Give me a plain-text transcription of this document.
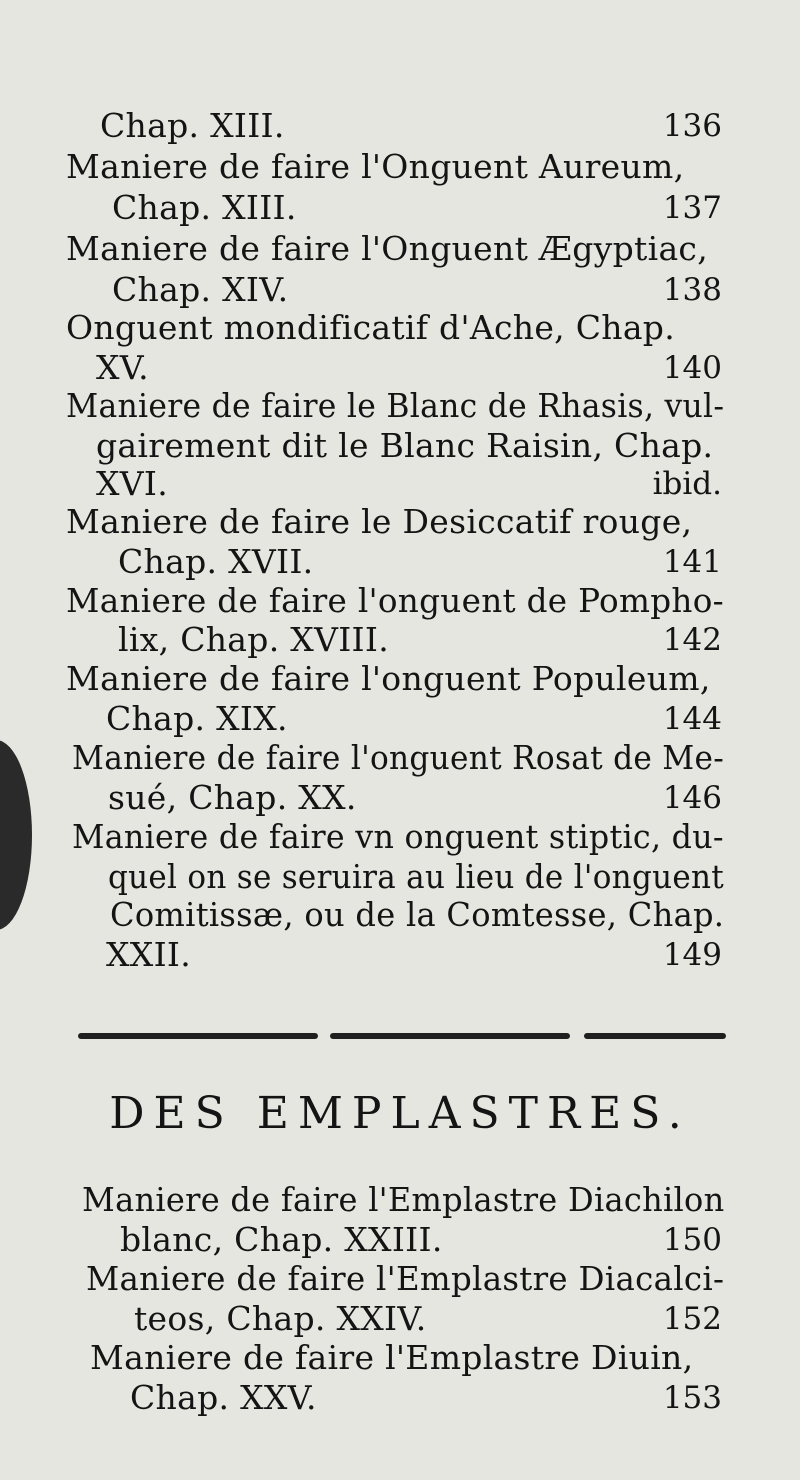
Chap. XIII.	136
Maniere de faire l'Onguent Aureum,
Chap. XIII.	137
Maniere de faire l'Onguent Ægyptiac,
Chap. XIV.	138
Onguent mondificatif d'Ache, Chap.
XV.	140
Maniere de faire le Blanc de Rhasis, vul-
gairement dit le Blanc Raisin, Chap.
XVI.	ibid.
Maniere de faire le Desiccatif rouge,
Chap. XVII.	141
Maniere de faire l'onguent de Pompho-
lix, Chap. XVIII.	142
Maniere de faire l'onguent Populeum,
Chap. XIX.	144
Maniere de faire l'onguent Rosat de Me-
sué, Chap. XX.	146
Maniere de faire vn onguent stiptic, du-
quel on se seruira au lieu de l'onguent
Comitissæ, ou de la Comtesse, Chap.
XXII.	149
DES EMPLASTRES.
Maniere de faire l'Emplastre Diachilon
blanc, Chap. XXIII.	150
Maniere de faire l'Emplastre Diacalci-
teos, Chap. XXIV.	152
Maniere de faire l'Emplastre Diuin,
Chap. XXV.	153
